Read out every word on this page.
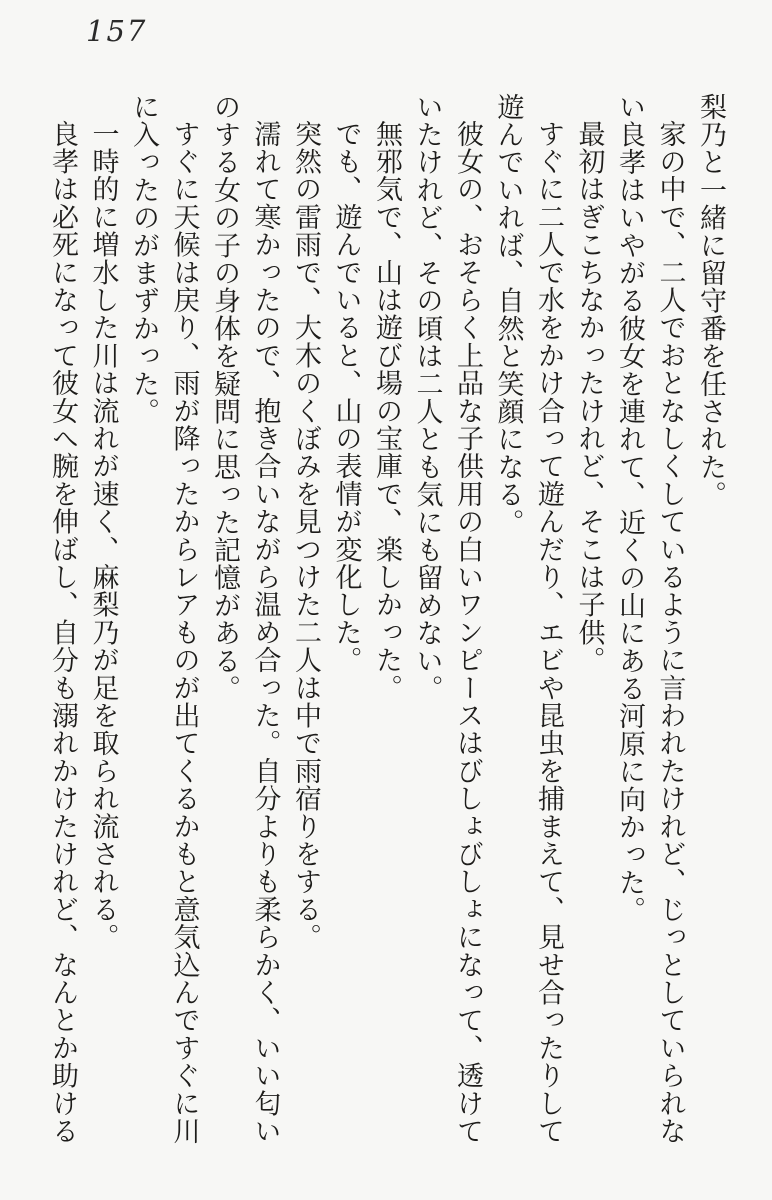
157
梨乃と一緒に留守番を任された。
家の中で、二人でおとなしくしているように言われたけれど、じっとしていられな
い良孝はいやがる彼女を連れて、近くの山にある河原に向かった。
最初はぎこちなかったけれど、そこは子供。
すぐに二人で水をかけ合って遊んだり、エビや昆虫を捕まえて、見せ合ったりして
遊んでいれば、自然と笑顔になる。
彼女の、おそらく上品な子供用の白いワンピースはびしょびしょになって、透けて
いたけれど、その頃は二人とも気にも留めない。
無邪気で、山は遊び場の宝庫で、楽しかった。
でも、遊んでいると、山の表情が変化した。
突然の雷雨で、大木のくぼみを見つけた二人は中で雨宿りをする。
濡れて寒かったので、抱き合いながら温め合った。自分よりも柔らかく、いい匂い
のする女の子の身体を疑問に思った記憶がある。
すぐに天候は戻り、雨が降ったからレアものが出てくるかもと意気込んですぐに川
に入ったのがまずかった。
一時的に増水した川は流れが速く、麻梨乃が足を取られ流される。
良孝は必死になって彼女へ腕を伸ばし、自分も溺れかけたけれど、なんとか助ける
